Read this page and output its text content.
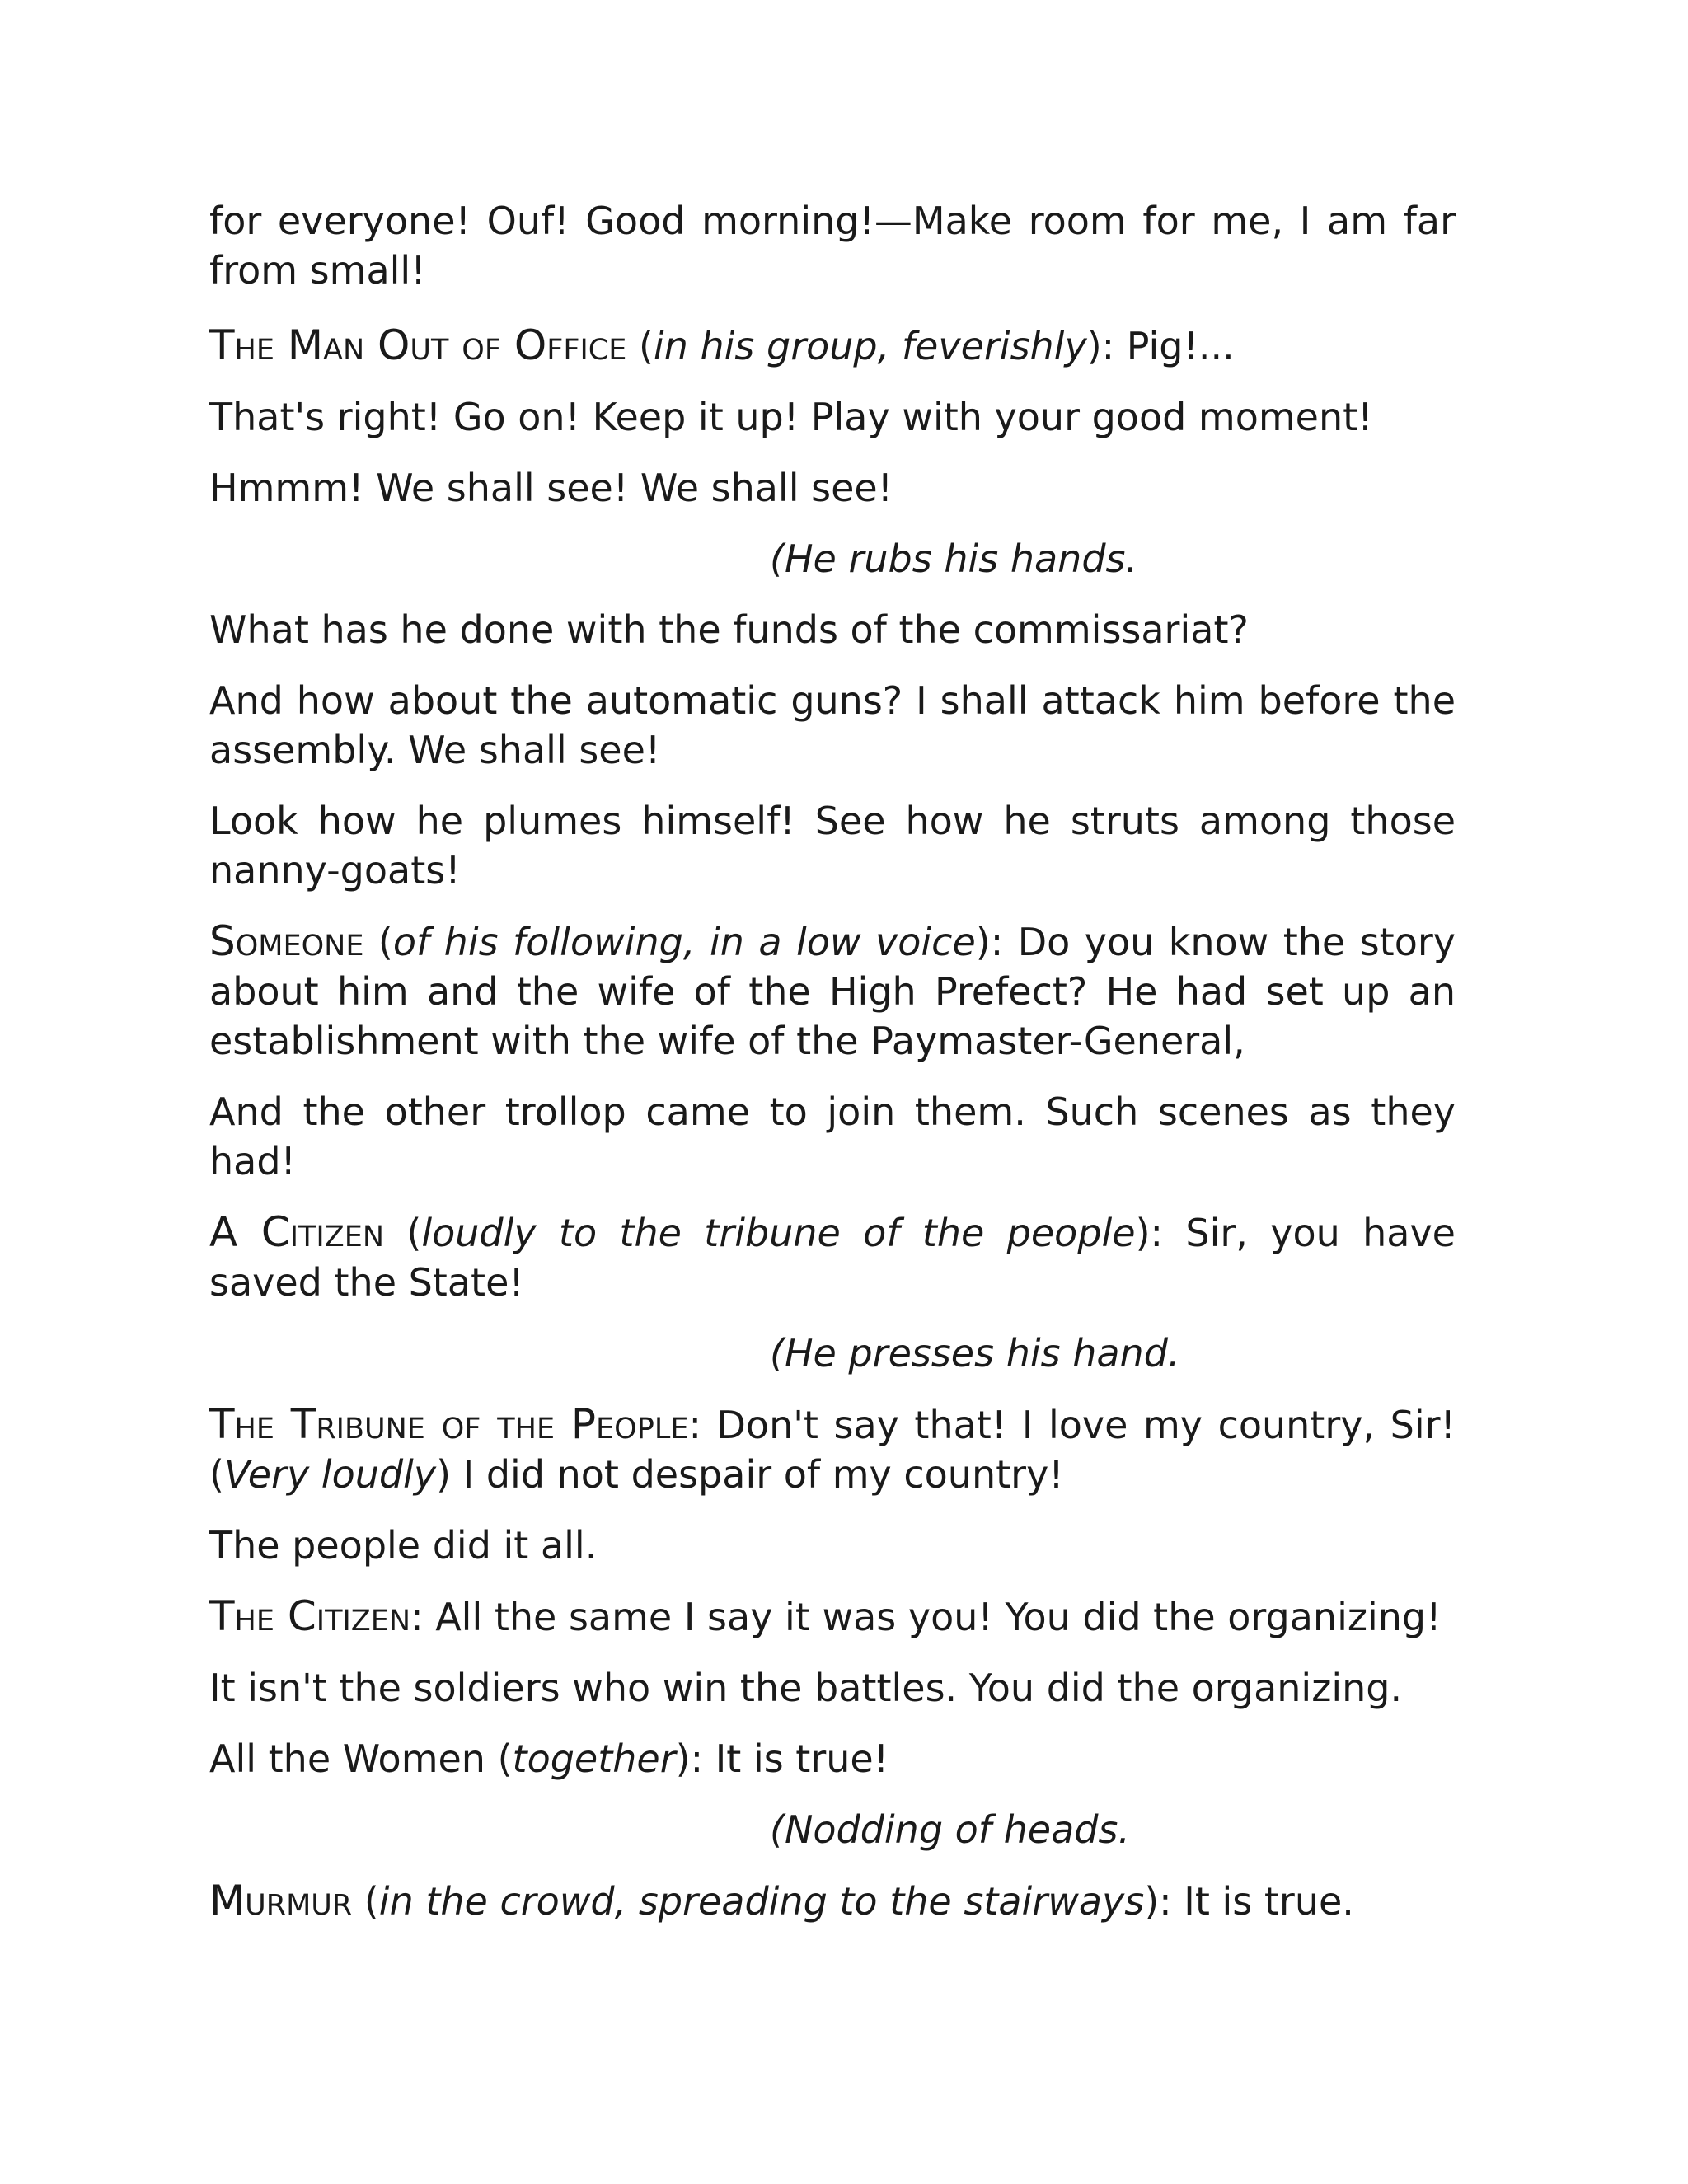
for everyone! Ouf! Good morning!—Make room for me, I am far from small!

The Man Out of Office (in his group, feverishly): Pig!...

That's right! Go on! Keep it up! Play with your good moment!

Hmmm! We shall see! We shall see!

(He rubs his hands.

What has he done with the funds of the commissariat?

And how about the automatic guns? I shall attack him before the assembly. We shall see!

Look how he plumes himself! See how he struts among those nanny-goats!

Someone (of his following, in a low voice): Do you know the story about him and the wife of the High Prefect? He had set up an establishment with the wife of the Paymaster-General,

And the other trollop came to join them. Such scenes as they had!

A Citizen (loudly to the tribune of the people): Sir, you have saved the State!

(He presses his hand.

The Tribune of the People: Don't say that! I love my country, Sir! (Very loudly) I did not despair of my country!

The people did it all.

The Citizen: All the same I say it was you! You did the organizing!

It isn't the soldiers who win the battles. You did the organizing.

All the Women (together): It is true!

(Nodding of heads.

Murmur (in the crowd, spreading to the stairways): It is true.
